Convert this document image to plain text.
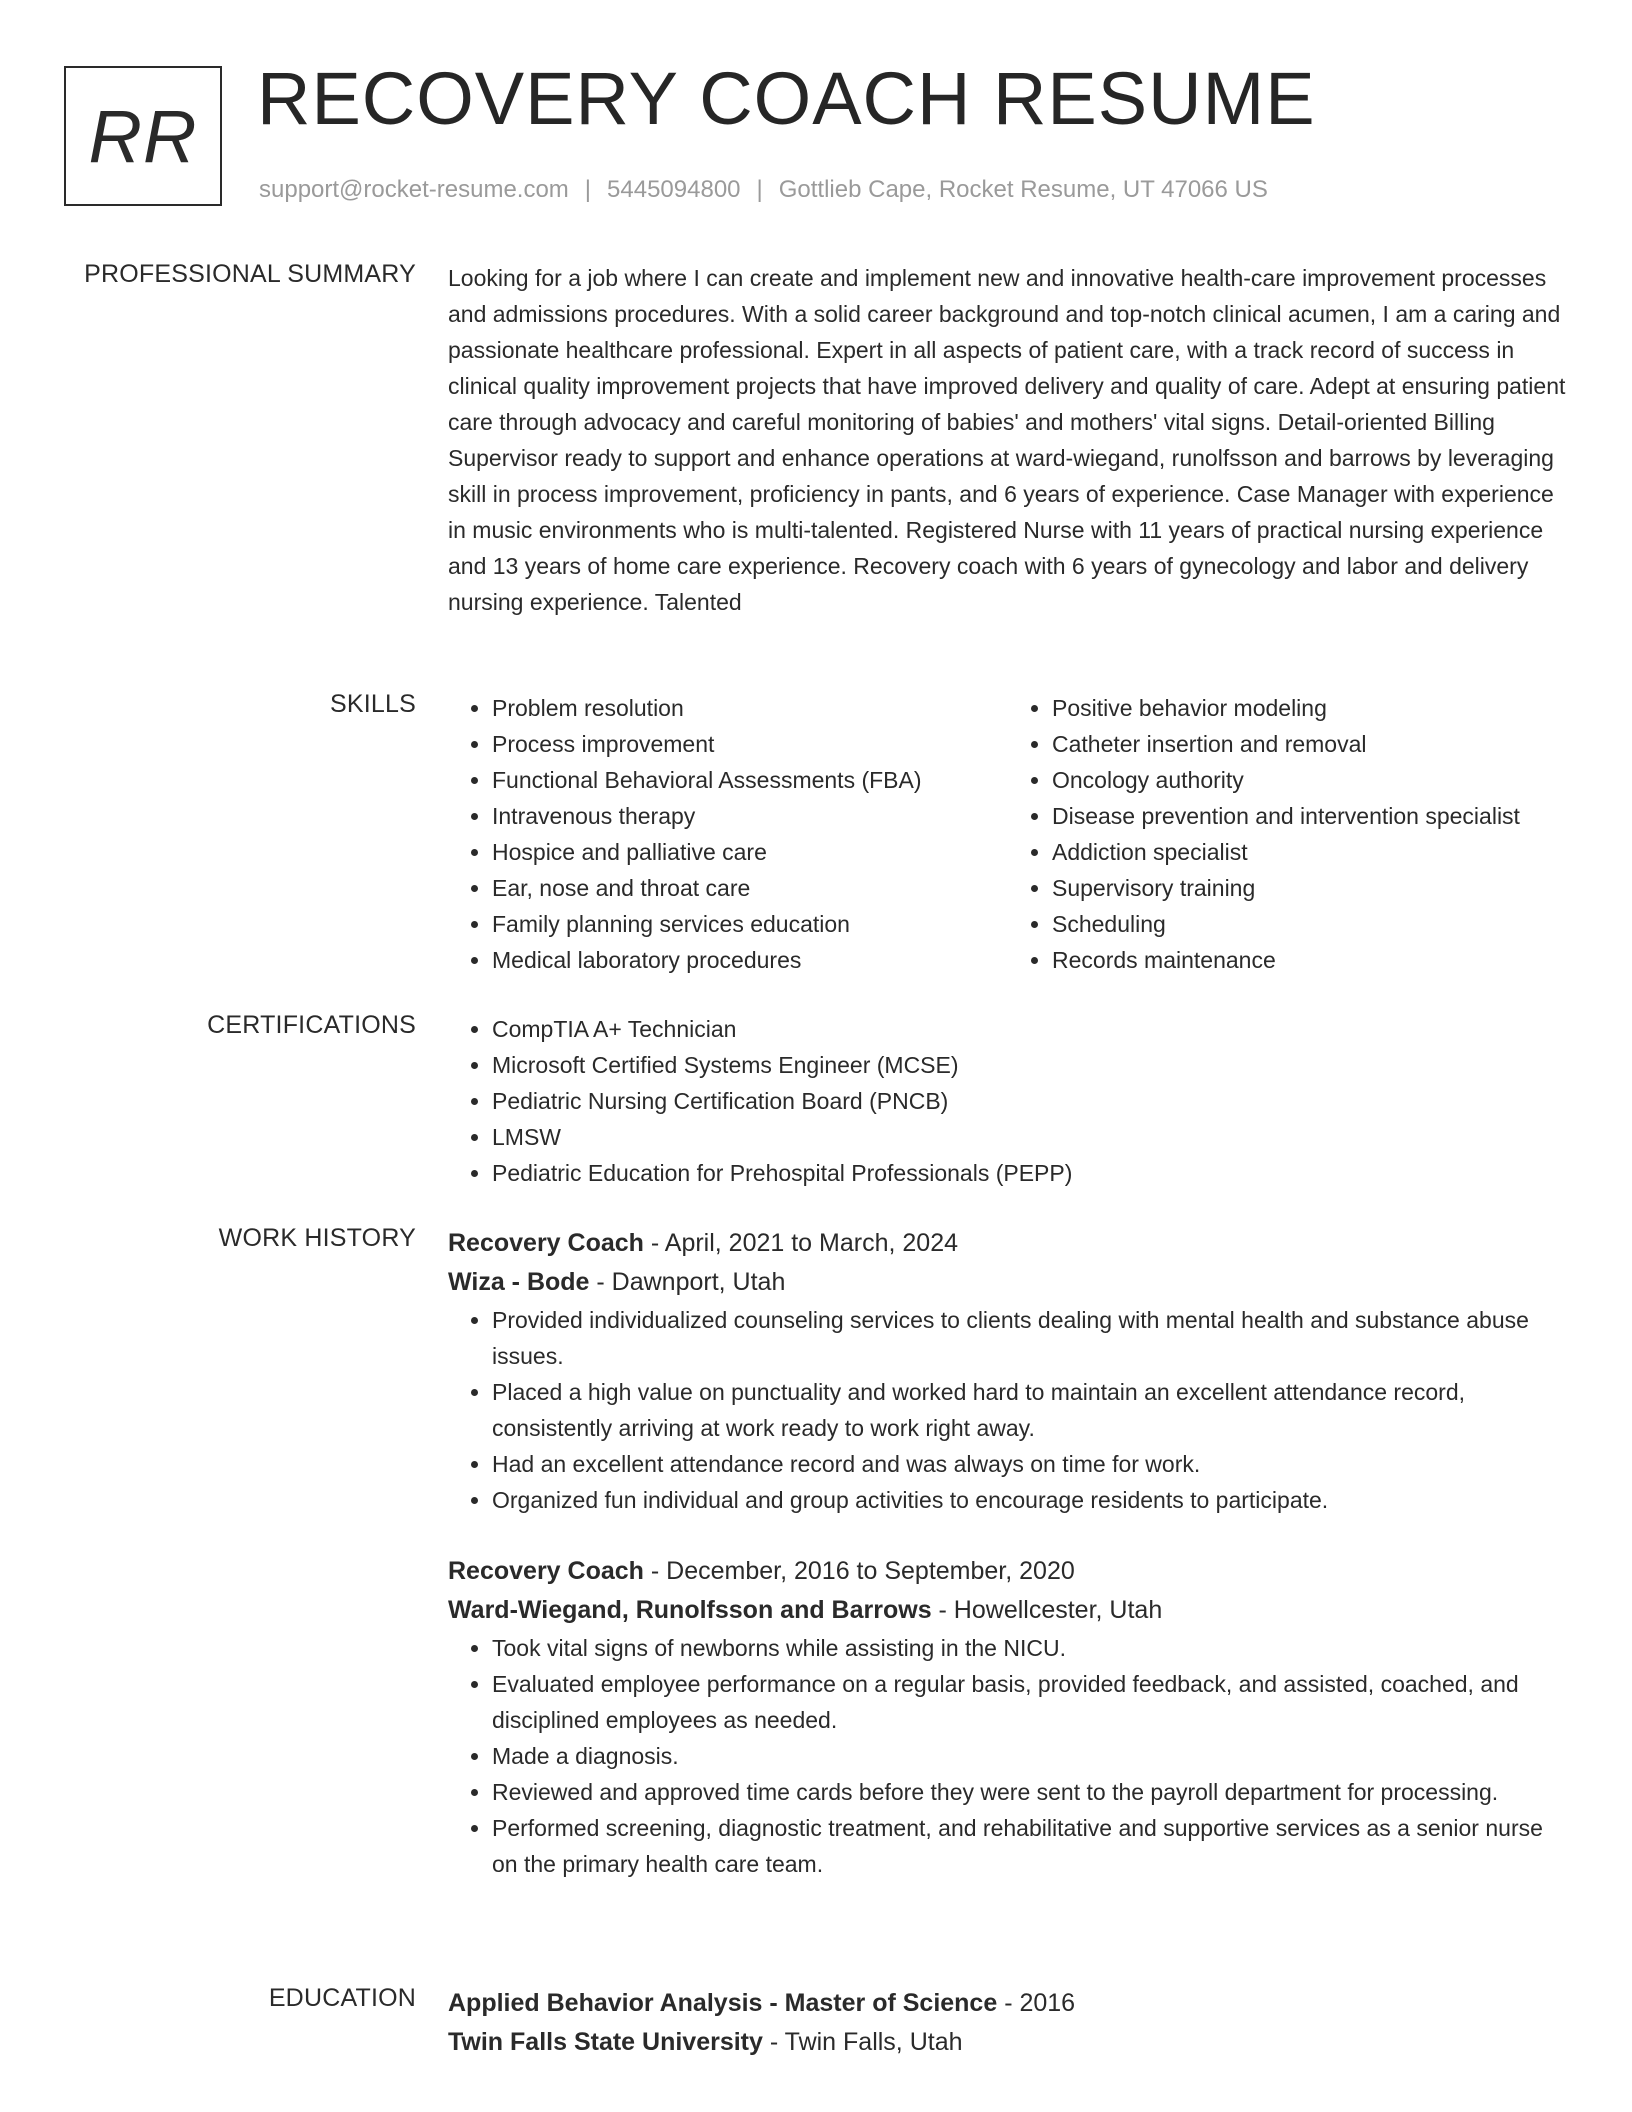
RR RECOVERY COACH RESUME
support@rocket-resume.com | 5445094800 | Gottlieb Cape, Rocket Resume, UT 47066 US
PROFESSIONAL SUMMARY Looking for a job where I can create and implement new and innovative health-care improvement processes and admissions procedures. With a solid career background and top-notch clinical acumen, I am a caring and passionate healthcare professional. Expert in all aspects of patient care, with a track record of success in clinical quality improvement projects that have improved delivery and quality of care. Adept at ensuring patient care through advocacy and careful monitoring of babies' and mothers' vital signs. Detail-oriented Billing Supervisor ready to support and enhance operations at ward-wiegand, runolfsson and barrows by leveraging skill in process improvement, proficiency in pants, and 6 years of experience. Case Manager with experience in music environments who is multi-talented. Registered Nurse with 11 years of practical nursing experience and 13 years of home care experience. Recovery coach with 6 years of gynecology and labor and delivery nursing experience. Talented

SKILLS	• Problem resolution
• Process improvement
• Functional Behavioral Assessments (FBA)
• Intravenous therapy
• Hospice and palliative care
• Ear, nose and throat care
• Family planning services education
• Medical laboratory procedures
• Positive behavior modeling
• Catheter insertion and removal
• Oncology authority
• Disease prevention and intervention specialist
• Addiction specialist
• Supervisory training
• Scheduling
• Records maintenance
CERTIFICATIONS	• CompTIA A+ Technician
• Microsoft Certified Systems Engineer (MCSE)
• Pediatric Nursing Certification Board (PNCB)
• LMSW
• Pediatric Education for Prehospital Professionals (PEPP)
WORK HISTORY Recovery Coach - April, 2021 to March, 2024
Wiza - Bode - Dawnport, Utah
• Provided individualized counseling services to clients dealing with mental health and substance abuse issues.
• Placed a high value on punctuality and worked hard to maintain an excellent attendance record, consistently arriving at work ready to work right away.
• Had an excellent attendance record and was always on time for work.
• Organized fun individual and group activities to encourage residents to participate.
Recovery Coach - December, 2016 to September, 2020
Ward-Wiegand, Runolfsson and Barrows - Howellcester, Utah
• Took vital signs of newborns while assisting in the NICU.
• Evaluated employee performance on a regular basis, provided feedback, and assisted, coached, and disciplined employees as needed.
• Made a diagnosis.
• Reviewed and approved time cards before they were sent to the payroll department for processing.
• Performed screening, diagnostic treatment, and rehabilitative and supportive services as a senior nurse on the primary health care team.
EDUCATION Applied Behavior Analysis - Master of Science - 2016
Twin Falls State University - Twin Falls, Utah
